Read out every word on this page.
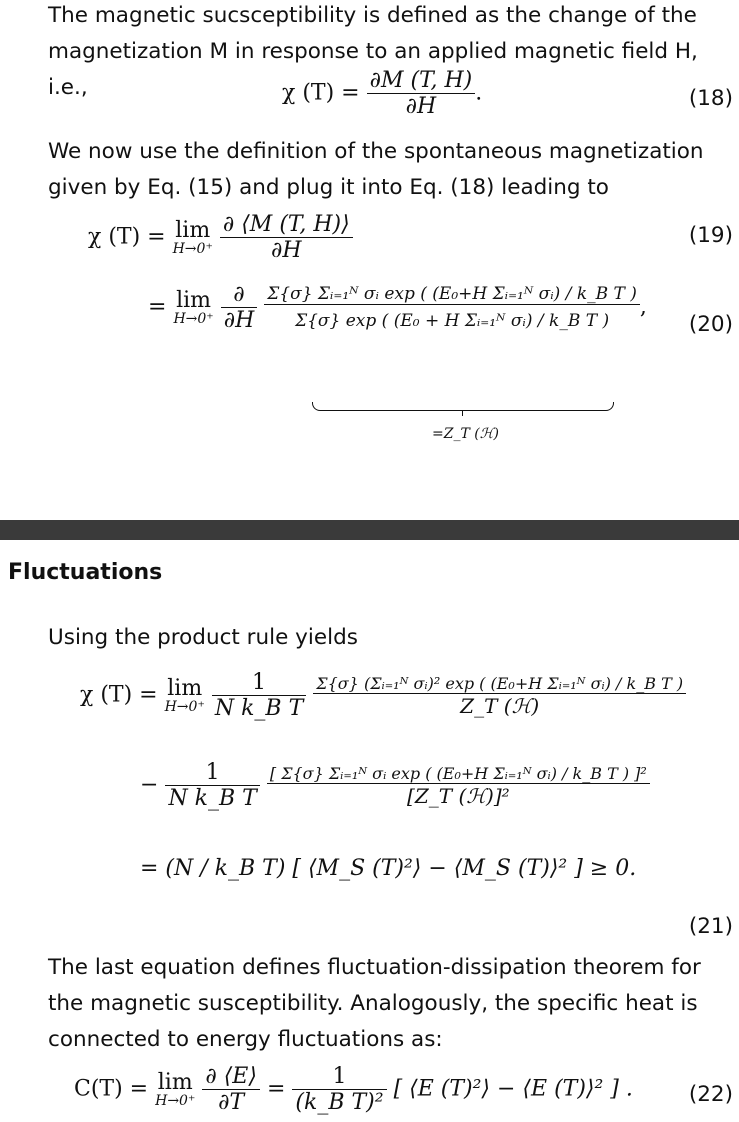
The magnetic sucsceptibility is defined as the change of the magnetization M in response to an applied magnetic field H, i.e.,	χ $(T) = \frac{\partial M (T, H)}{\partial H}$ .	(18)

We now use the definition of the spontaneous magnetization given by Eq. (15) and plug it into Eq. (18) leading to

χ (T) = lim
H→0⁺
$\frac{\partial ⟨M (T, H)⟩}{\partial H}$	(19)
= lim
H→0⁺
$\frac{\partial}{\partial H}$
$\frac{\text{Σ\{σ\} Σᵢ₌₁ᴺ σᵢ exp ( (E₀+H Σᵢ₌₁ᴺ σᵢ) / k\_B T )}}{\text{Σ\{σ\} exp ( (E₀ + H Σᵢ₌₁ᴺ σᵢ) / k\_B T )}}$ ,
(20)
=Z_T (ℋ)
Fluctuations

Using the product rule yields

χ (T) = lim
H→0⁺
$\frac{1}{\text{N k\_B T}}$
$\frac{\text{Σ\{σ\} (Σᵢ₌₁ᴺ σᵢ)² exp ( (E₀+H Σᵢ₌₁ᴺ σᵢ) / k\_B T )}}{\text{Z\_T (ℋ)}}$
− $\frac{1}{\text{N k\_B T}}$
$\frac{\text{[ Σ\{σ\} Σᵢ₌₁ᴺ σᵢ exp ( (E₀+H Σᵢ₌₁ᴺ σᵢ) / k\_B T ) ]²}}{\text{[Z\_T (ℋ)]²}}$
= (N / k_B T) [ ⟨M_S (T)²⟩ − ⟨M_S (T)⟩² ] ≥ 0.
(21)

The last equation defines fluctuation-dissipation theorem for the magnetic susceptibility. Analogously, the specific heat is connected to energy fluctuations as:

C(T) = lim
H→0⁺
$\frac{\partial ⟨E⟩}{\partial T} = \frac{1}{\text{(k\_B T)²}}$ [ ⟨E (T)²⟩ − ⟨E (T)⟩² ] .	(22)
